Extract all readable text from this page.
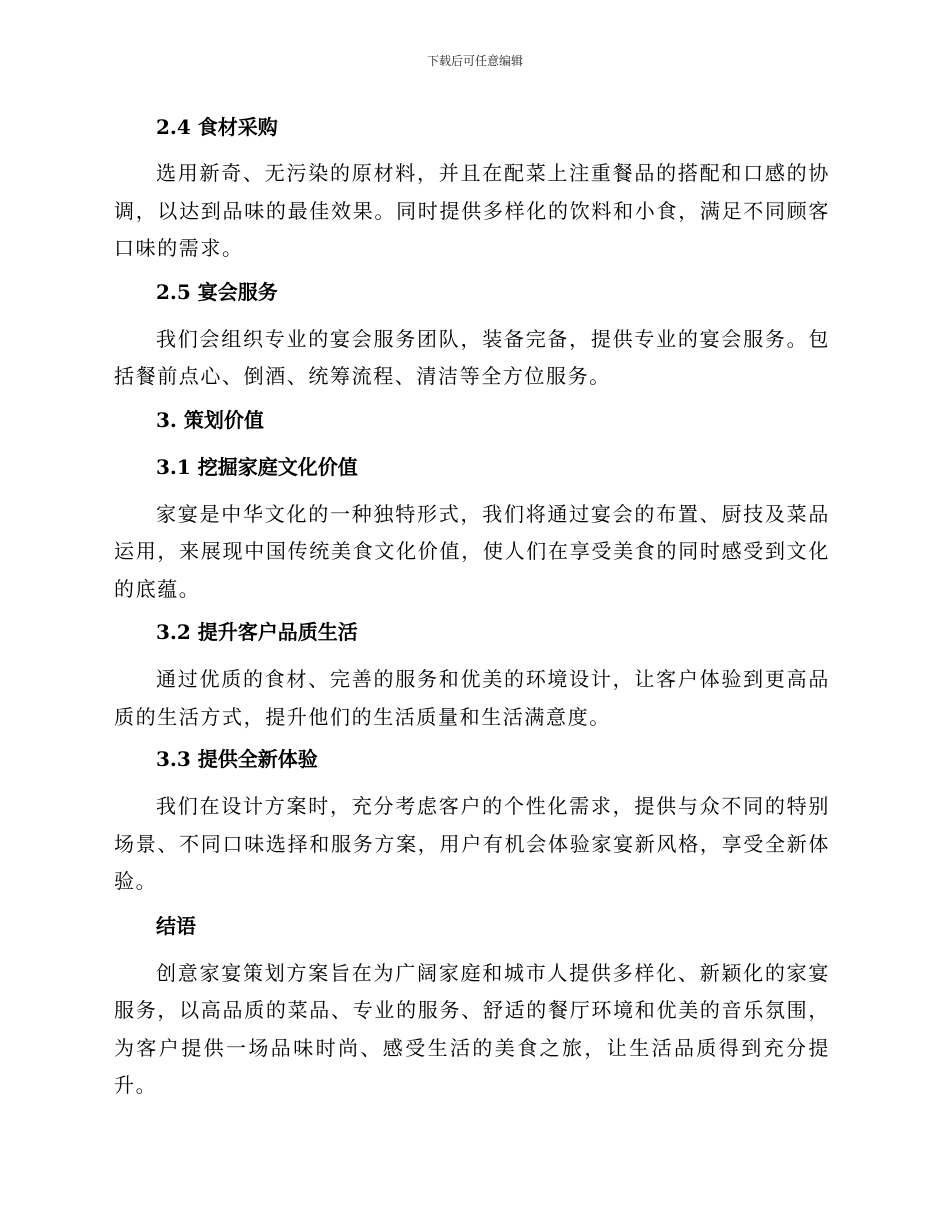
下载后可任意编辑
2.4 食材采购

选用新奇、无污染的原材料，并且在配菜上注重餐品的搭配和口感的协调，以达到品味的最佳效果。同时提供多样化的饮料和小食，满足不同顾客口味的需求。

2.5 宴会服务

我们会组织专业的宴会服务团队，装备完备，提供专业的宴会服务。包括餐前点心、倒酒、统筹流程、清洁等全方位服务。

3. 策划价值
3.1 挖掘家庭文化价值

家宴是中华文化的一种独特形式，我们将通过宴会的布置、厨技及菜品运用，来展现中国传统美食文化价值，使人们在享受美食的同时感受到文化的底蕴。

3.2 提升客户品质生活

通过优质的食材、完善的服务和优美的环境设计，让客户体验到更高品质的生活方式，提升他们的生活质量和生活满意度。

3.3 提供全新体验

我们在设计方案时，充分考虑客户的个性化需求，提供与众不同的特别场景、不同口味选择和服务方案，用户有机会体验家宴新风格，享受全新体验。

结语

创意家宴策划方案旨在为广阔家庭和城市人提供多样化、新颖化的家宴服务，以高品质的菜品、专业的服务、舒适的餐厅环境和优美的音乐氛围，为客户提供一场品味时尚、感受生活的美食之旅，让生活品质得到充分提升。
